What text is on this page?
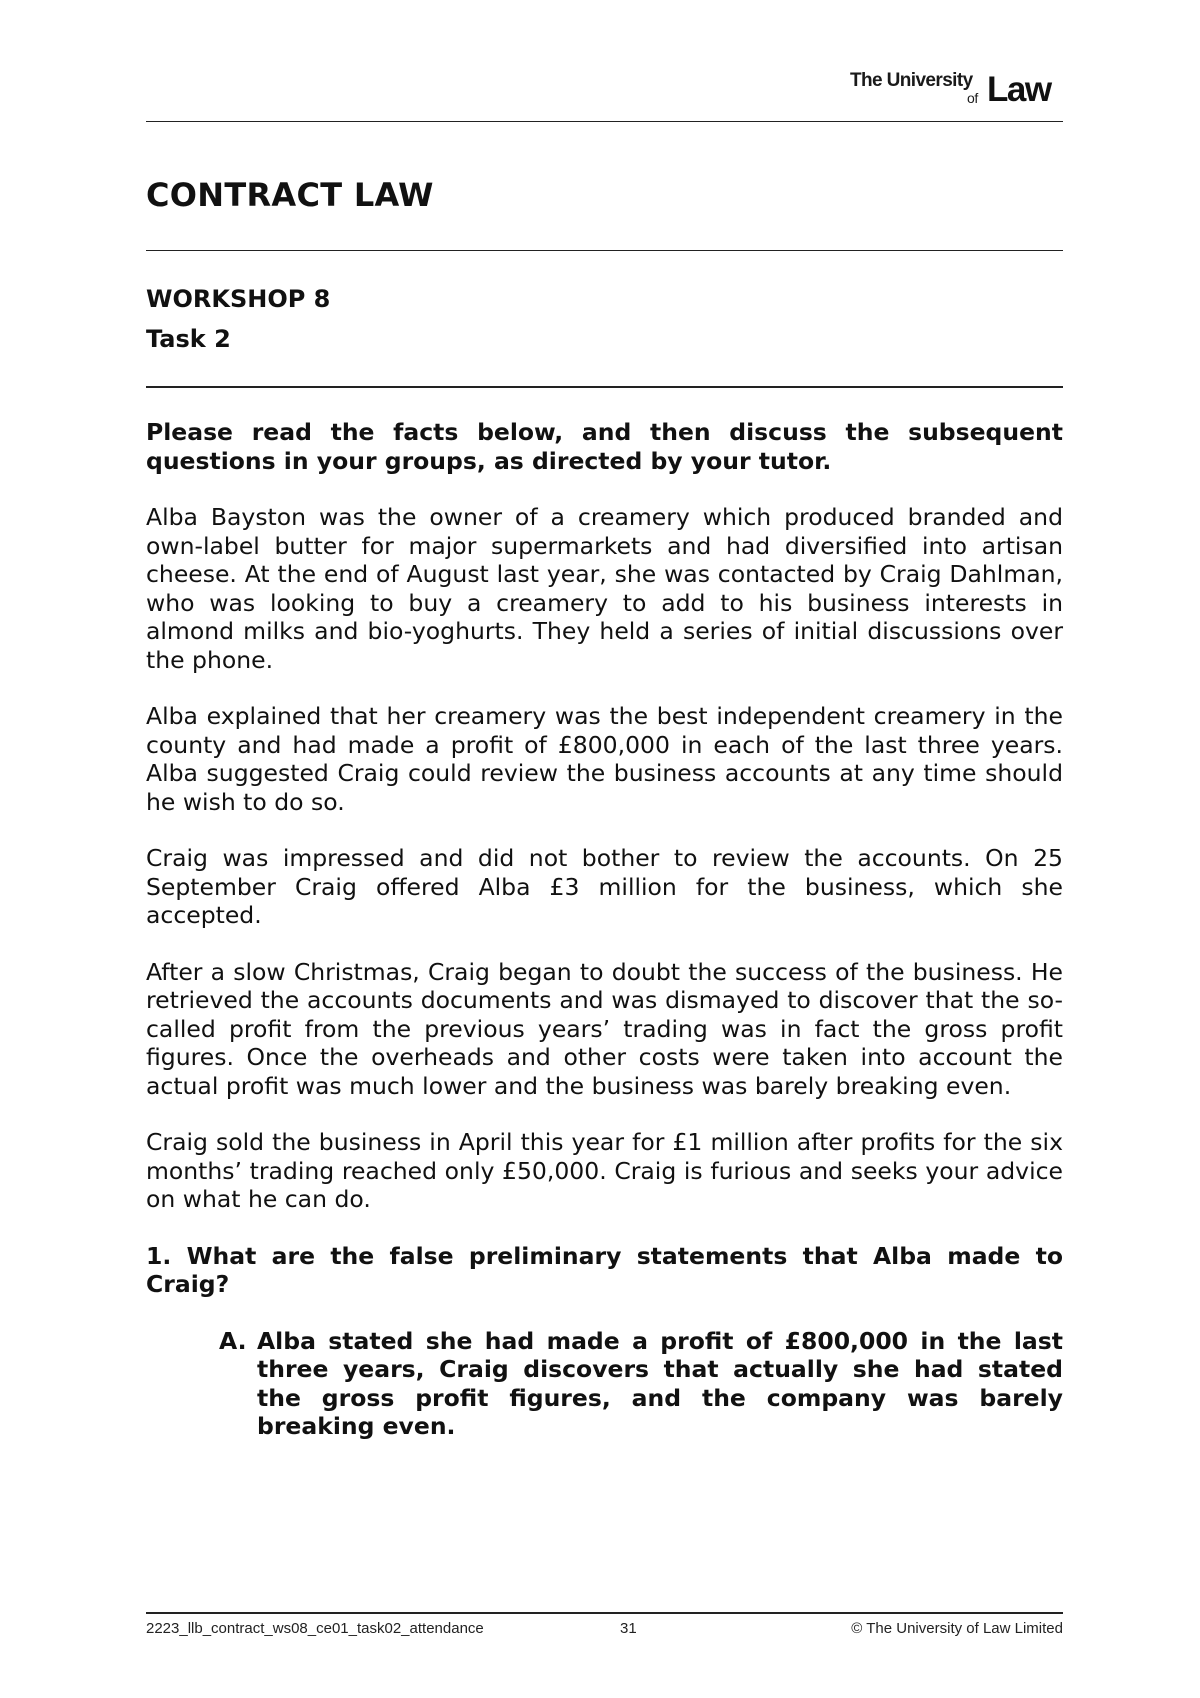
The University
of Law
CONTRACT LAW
WORKSHOP 8
Task 2

Please read the facts below, and then discuss the subsequent questions in your groups, as directed by your tutor.

Alba Bayston was the owner of a creamery which produced branded and own-label butter for major supermarkets and had diversified into artisan cheese. At the end of August last year, she was contacted by Craig Dahlman, who was looking to buy a creamery to add to his business interests in almond milks and bio-yoghurts. They held a series of initial discussions over the phone.

Alba explained that her creamery was the best independent creamery in the county and had made a profit of £800,000 in each of the last three years. Alba suggested Craig could review the business accounts at any time should he wish to do so.

Craig was impressed and did not bother to review the accounts. On 25 September Craig offered Alba £3 million for the business, which she accepted.

After a slow Christmas, Craig began to doubt the success of the business. He retrieved the accounts documents and was dismayed to discover that the so-called profit from the previous years’ trading was in fact the gross profit figures. Once the overheads and other costs were taken into account the actual profit was much lower and the business was barely breaking even.

Craig sold the business in April this year for £1 million after profits for the six months’ trading reached only £50,000. Craig is furious and seeks your advice on what he can do.

1. What are the false preliminary statements that Alba made to Craig?

A. Alba stated she had made a profit of £800,000 in the last three years, Craig discovers that actually she had stated the gross profit figures, and the company was barely breaking even.
2223_llb_contract_ws08_ce01_task02_attendance	31	© The University of Law Limited
